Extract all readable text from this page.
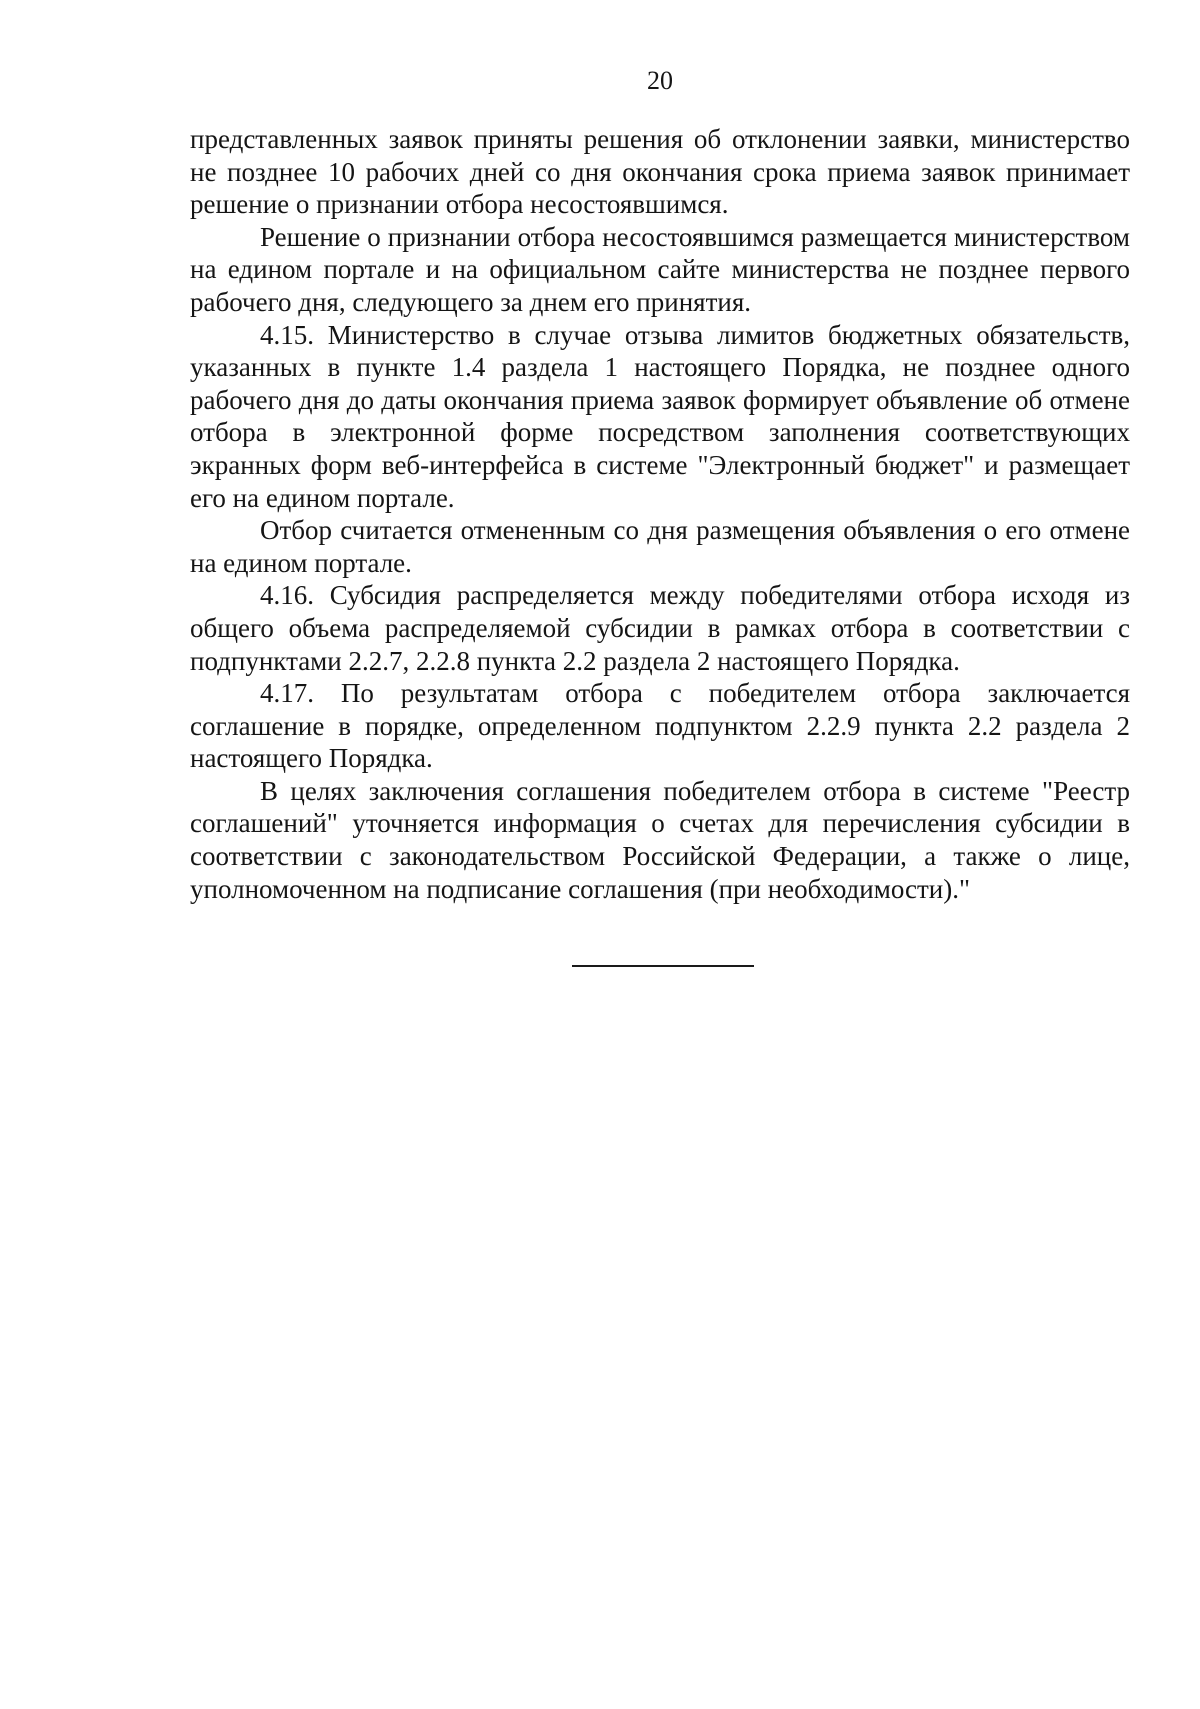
20

представленных заявок приняты решения об отклонении заявки, министерство не позднее 10 рабочих дней со дня окончания срока приема заявок принимает решение о признании отбора несостоявшимся.

Решение о признании отбора несостоявшимся размещается министерством на едином портале и на официальном сайте министерства не позднее первого рабочего дня, следующего за днем его принятия.

4.15. Министерство в случае отзыва лимитов бюджетных обязательств, указанных в пункте 1.4 раздела 1 настоящего Порядка, не позднее одного рабочего дня до даты окончания приема заявок формирует объявление об отмене отбора в электронной форме посредством заполнения соответствующих экранных форм веб-интерфейса в системе "Электронный бюджет" и размещает его на едином портале.

Отбор считается отмененным со дня размещения объявления о его отмене на едином портале.

4.16. Субсидия распределяется между победителями отбора исходя из общего объема распределяемой субсидии в рамках отбора в соответствии с подпунктами 2.2.7, 2.2.8 пункта 2.2 раздела 2 настоящего Порядка.

4.17. По результатам отбора с победителем отбора заключается соглашение в порядке, определенном подпунктом 2.2.9 пункта 2.2 раздела 2 настоящего Порядка.

В целях заключения соглашения победителем отбора в системе "Реестр соглашений" уточняется информация о счетах для перечисления субсидии в соответствии с законодательством Российской Федерации, а также о лице, уполномоченном на подписание соглашения (при необходимости)."
